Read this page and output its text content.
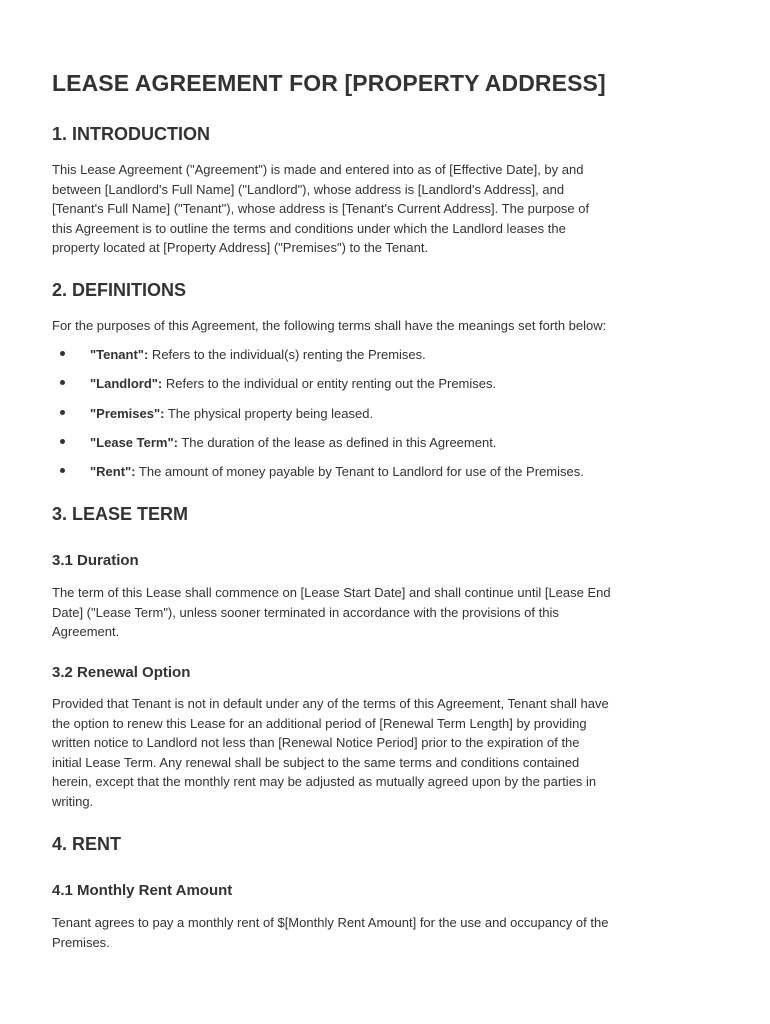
LEASE AGREEMENT FOR [PROPERTY ADDRESS]
1. INTRODUCTION
This Lease Agreement ("Agreement") is made and entered into as of [Effective Date], by and
between [Landlord's Full Name] ("Landlord"), whose address is [Landlord's Address], and
[Tenant's Full Name] ("Tenant"), whose address is [Tenant's Current Address]. The purpose of
this Agreement is to outline the terms and conditions under which the Landlord leases the
property located at [Property Address] ("Premises") to the Tenant.
2. DEFINITIONS
For the purposes of this Agreement, the following terms shall have the meanings set forth below:
"Tenant": Refers to the individual(s) renting the Premises.
"Landlord": Refers to the individual or entity renting out the Premises.
"Premises": The physical property being leased.
"Lease Term": The duration of the lease as defined in this Agreement.
"Rent": The amount of money payable by Tenant to Landlord for use of the Premises.
3. LEASE TERM
3.1 Duration
The term of this Lease shall commence on [Lease Start Date] and shall continue until [Lease End
Date] ("Lease Term"), unless sooner terminated in accordance with the provisions of this
Agreement.
3.2 Renewal Option
Provided that Tenant is not in default under any of the terms of this Agreement, Tenant shall have
the option to renew this Lease for an additional period of [Renewal Term Length] by providing
written notice to Landlord not less than [Renewal Notice Period] prior to the expiration of the
initial Lease Term. Any renewal shall be subject to the same terms and conditions contained
herein, except that the monthly rent may be adjusted as mutually agreed upon by the parties in
writing.
4. RENT
4.1 Monthly Rent Amount
Tenant agrees to pay a monthly rent of $[Monthly Rent Amount] for the use and occupancy of the
Premises.
